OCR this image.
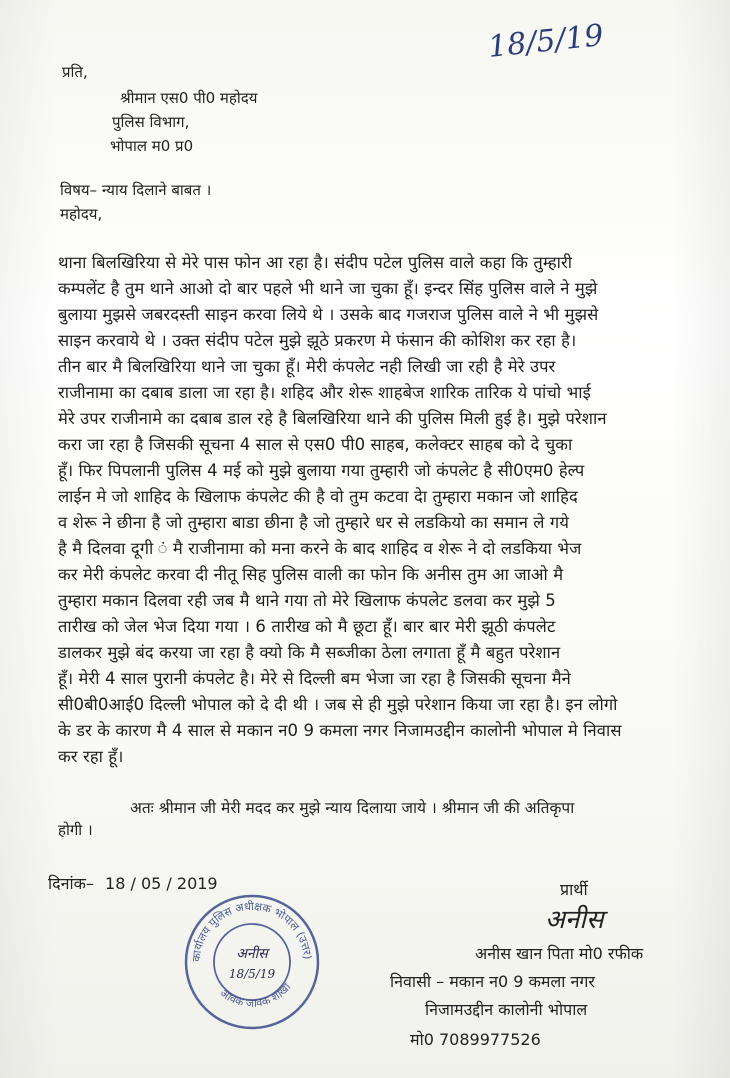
18/5/19
प्रति,
श्रीमान एस0 पी0 महोदय
पुलिस विभाग,
भोपाल म0 प्र0
विषय– न्याय दिलाने बाबत ।
महोदय,
थाना बिलखिरिया से मेरे पास फोन आ रहा है। संदीप पटेल पुलिस वाले कहा कि तुम्हारी
कम्पलेंट है तुम थाने आओ दो बार पहले भी थाने जा चुका हूँ। इन्दर सिंह पुलिस वाले ने मुझे
बुलाया मुझसे जबरदस्ती साइन करवा लिये थे । उसके बाद गजराज पुलिस वाले ने भी मुझसे
साइन करवाये थे । उक्त संदीप पटेल मुझे झूठे प्रकरण मे फंसान की कोशिश कर रहा है।
तीन बार मै बिलखिरिया थाने जा चुका हूँ। मेरी कंपलेट नही लिखी जा रही है मेरे उपर
राजीनामा का दबाब डाला जा रहा है। शहिद और शेरू शाहबेज शारिक तारिक ये पांचो भाई
मेरे उपर राजीनामे का दबाब डाल रहे है बिलखिरिया थाने की पुलिस मिली हुई है। मुझे परेशान
करा जा रहा है जिसकी सूचना 4 साल से एस0 पी0 साहब, कलेक्टर साहब को दे चुका
हूँ। फिर पिपलानी पुलिस 4 मई को मुझे बुलाया गया तुम्हारी जो कंपलेट है सी0एम0 हेल्प
लाईन मे जो शाहिद के खिलाफ कंपलेट की है वो तुम कटवा देा तुम्हारा मकान जो शाहिद
व शेरू ने छीना है जो तुम्हारा बाडा छीना है जो तुम्हारे धर से लडकियो का समान ले गये
है मै दिलवा दूगी ं मै राजीनामा को मना करने के बाद शाहिद व शेरू ने दो लडकिया भेज
कर मेरी कंपलेट करवा दी नीतू सिह पुलिस वाली का फोन कि अनीस तुम आ जाओ मै
तुम्हारा मकान दिलवा रही जब मै थाने गया तो मेरे खिलाफ कंपलेट डलवा कर मुझे 5
तारीख को जेल भेज दिया गया । 6 तारीख को मै छूटा हूँ। बार बार मेरी झूठी कंपलेट
डालकर मुझे बंद करया जा रहा है क्यो कि मै सब्जीका ठेला लगाता हूँ मै बहुत परेशान
हूँ। मेरी 4 साल पुरानी कंपलेट है। मेरे से दिल्ली बम भेजा जा रहा है जिसकी सूचना मैने
सी0बी0आई0 दिल्ली भोपाल को दे दी थी । जब से ही मुझे परेशान किया जा रहा है। इन लोगो
के डर के कारण मै 4 साल से मकान न0 9 कमला नगर निजामउद्दीन कालोनी भोपाल मे निवास
कर रहा हूँ।
अतः श्रीमान जी मेरी मदद कर मुझे न्याय दिलाया जाये । श्रीमान जी की अतिकृपा
होगी ।
दिनांक– 18 / 05 / 2019	प्रार्थी
अनीस
अनीस खान पिता मो0 रफीक
निवासी – मकान न0 9 कमला नगर
निजामउद्दीन कालोनी भोपाल
मो0 7089977526
कार्यालय पुलिस अधीक्षक भोपाल (उत्तर)
आवक जावक शाखा
अनीस
18/5/19
